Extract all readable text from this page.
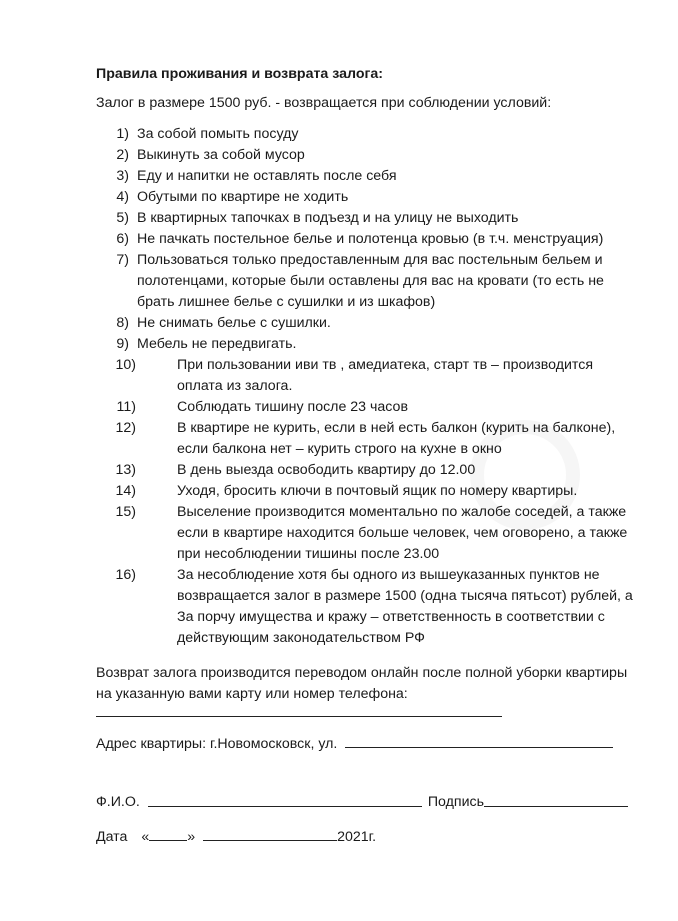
Правила проживания и возврата залога:
Залог в размере 1500 руб. - возвращается при соблюдении условий:
1) За собой помыть посуду
2) Выкинуть за собой мусор
3) Еду и напитки не оставлять после себя
4) Обутыми по квартире не ходить
5) В квартирных тапочках в подъезд и на улицу не выходить
6) Не пачкать постельное белье и полотенца кровью (в т.ч. менструация)
7) Пользоваться только предоставленным для вас постельным бельем и полотенцами, которые были оставлены для вас на кровати (то есть не брать лишнее белье с сушилки и из шкафов)
8) Не снимать белье с сушилки.
9) Мебель не передвигать.
10)	При пользовании иви тв , амедиатека, старт тв – производится оплата из залога.
11)	Соблюдать тишину после 23 часов
12)	В квартире не курить, если в ней есть балкон (курить на балконе), если балкона нет – курить строго на кухне в окно
13)	В день выезда освободить квартиру до 12.00
14)	Уходя, бросить ключи в почтовый ящик по номеру квартиры.
15)	Выселение производится моментально по жалобе соседей, а также если в квартире находится больше человек, чем оговорено, а также при несоблюдении тишины после 23.00
16)	За несоблюдение хотя бы одного из вышеуказанных пунктов не возвращается залог в размере 1500 (одна тысяча пятьсот) рублей, а За порчу имущества и кражу – ответственность в соответствии с действующим законодательством РФ
Возврат залога производится переводом онлайн после полной уборки квартиры на указанную вами карту или номер телефона:
Адрес квартиры: г.Новомосковск, ул.
Ф.И.О.	Подпись
Дата «	»	2021г.
